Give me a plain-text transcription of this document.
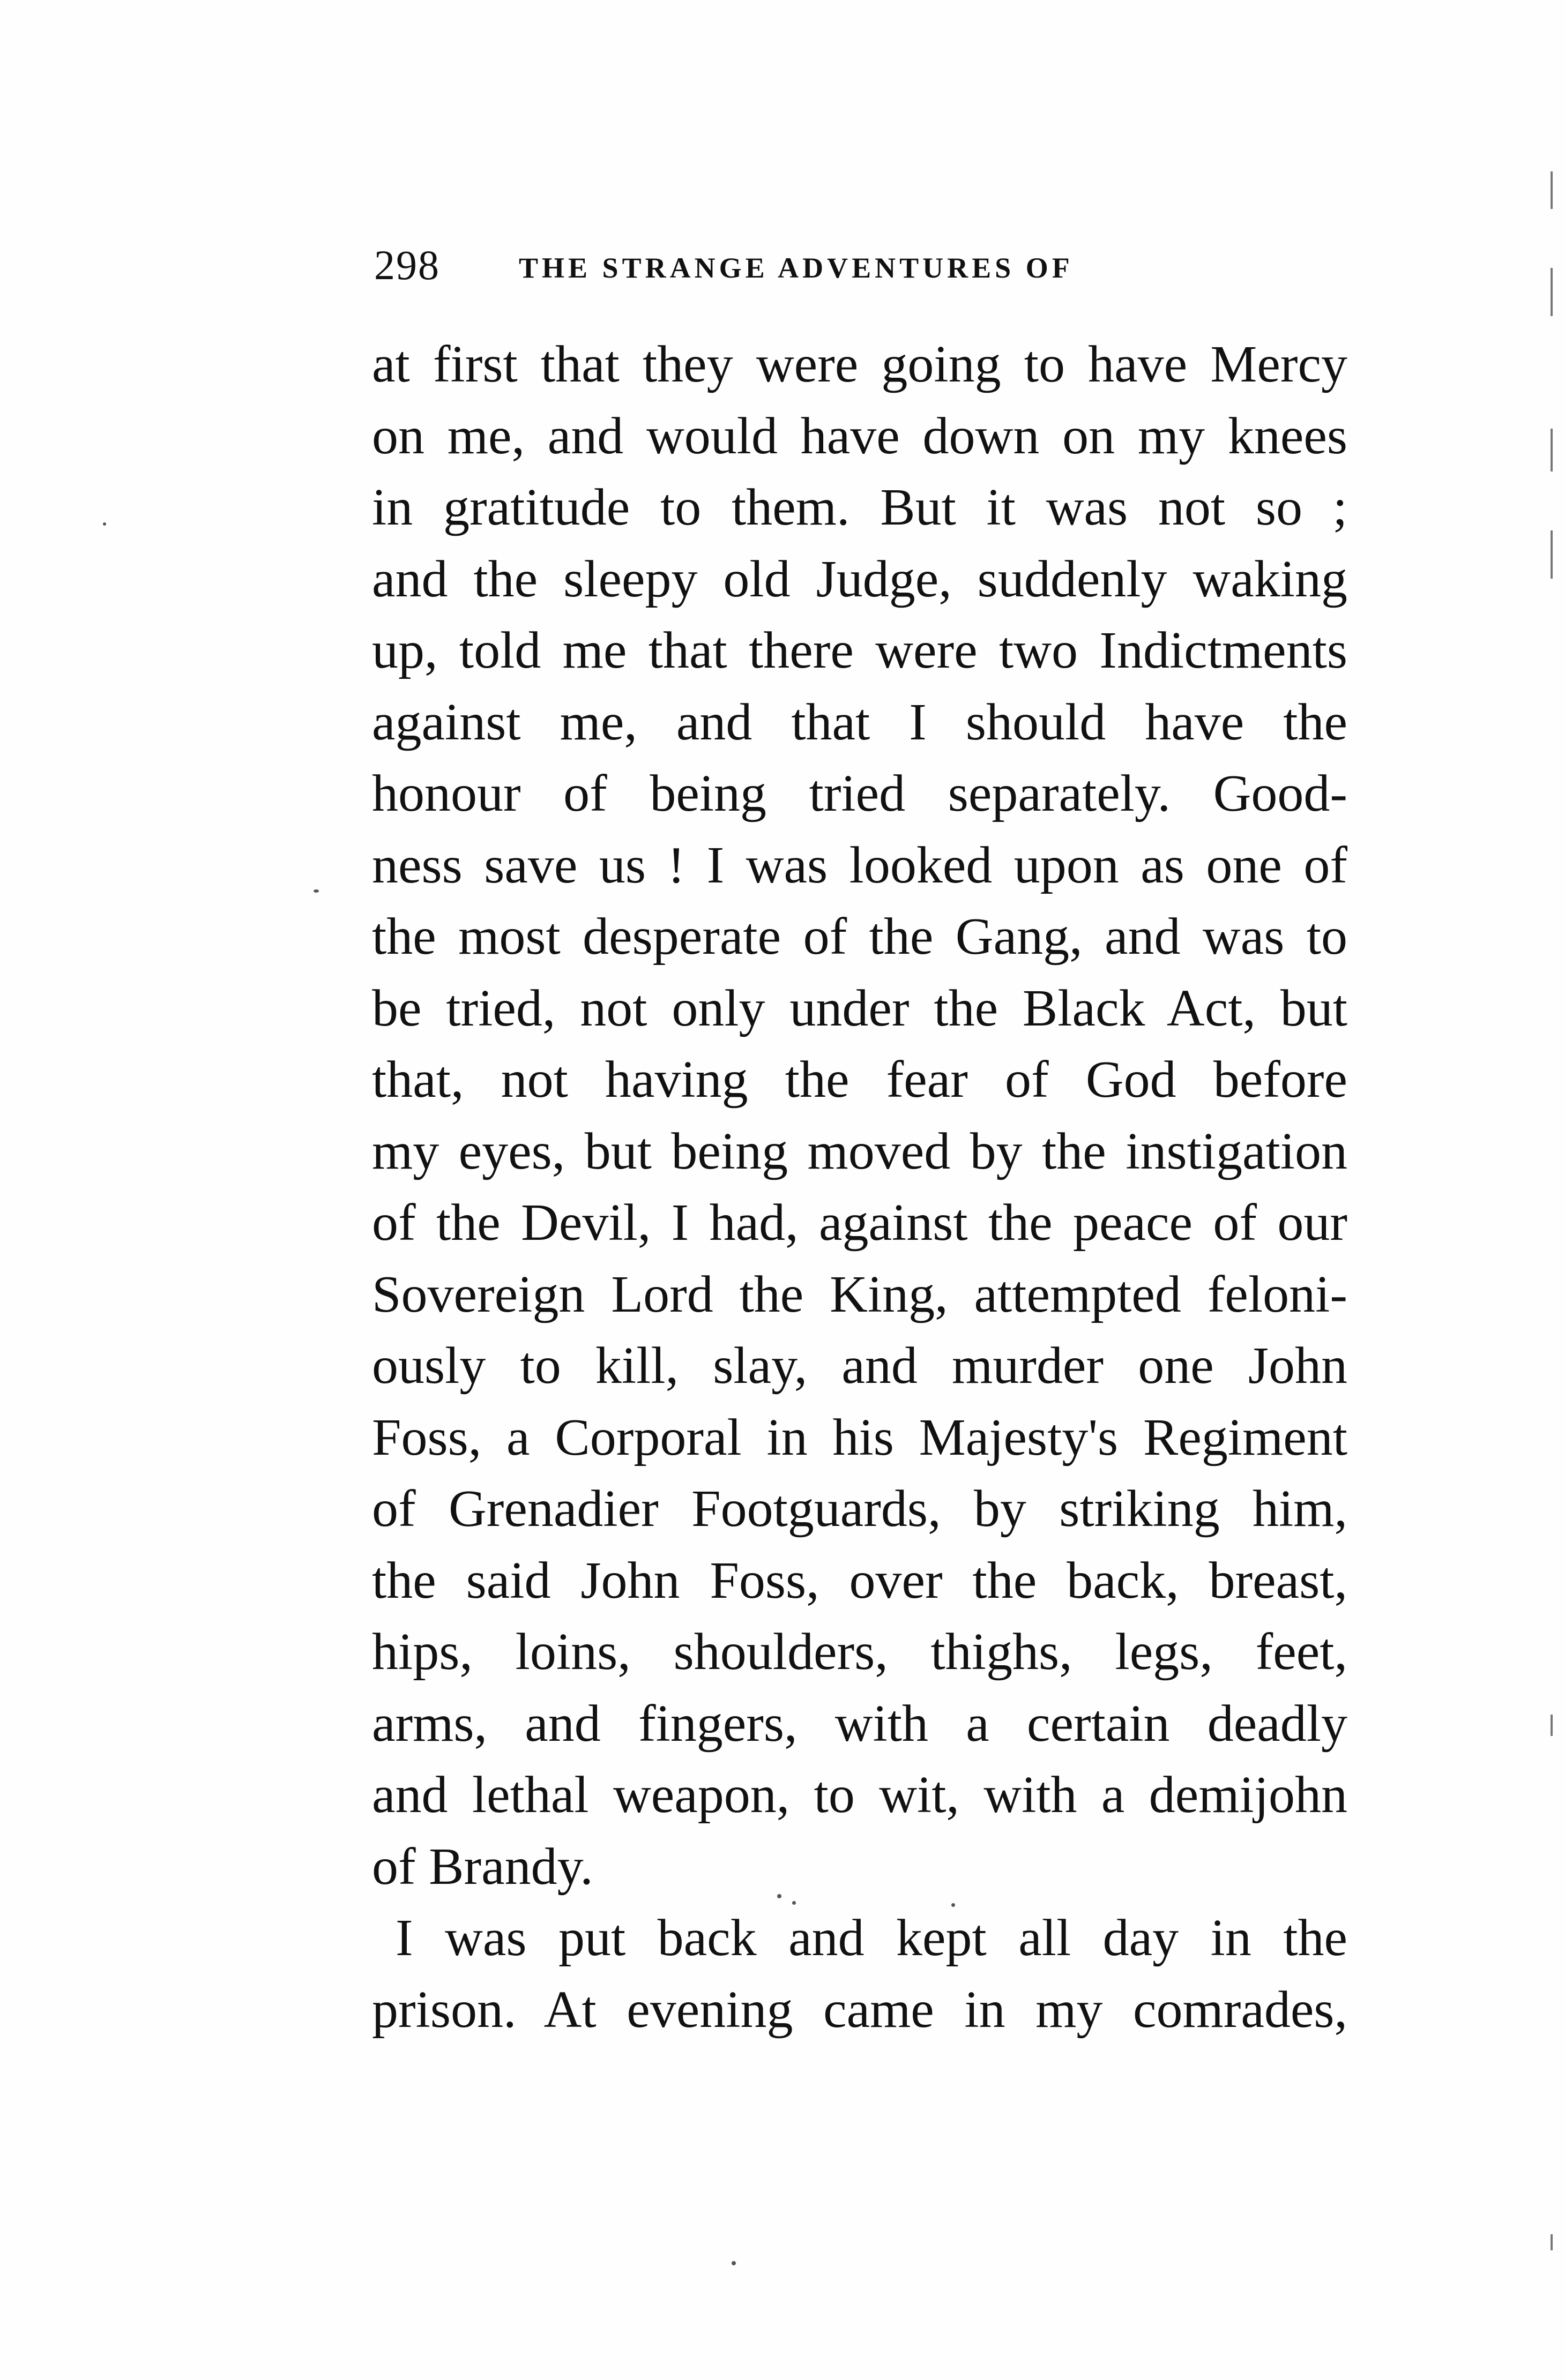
298	THE STRANGE ADVENTURES OF
at first that they were going to have Mercy
on me, and would have down on my knees
in gratitude to them. But it was not so ;
and the sleepy old Judge, suddenly waking
up, told me that there were two Indictments
against me, and that I should have the
honour of being tried separately. Good-
ness save us ! I was looked upon as one of
the most desperate of the Gang, and was to
be tried, not only under the Black Act, but
that, not having the fear of God before
my eyes, but being moved by the instigation
of the Devil, I had, against the peace of our
Sovereign Lord the King, attempted feloni-
ously to kill, slay, and murder one John
Foss, a Corporal in his Majesty's Regiment
of Grenadier Footguards, by striking him,
the said John Foss, over the back, breast,
hips, loins, shoulders, thighs, legs, feet,
arms, and fingers, with a certain deadly
and lethal weapon, to wit, with a demijohn
of Brandy.
I was put back and kept all day in the
prison. At evening came in my comrades,
